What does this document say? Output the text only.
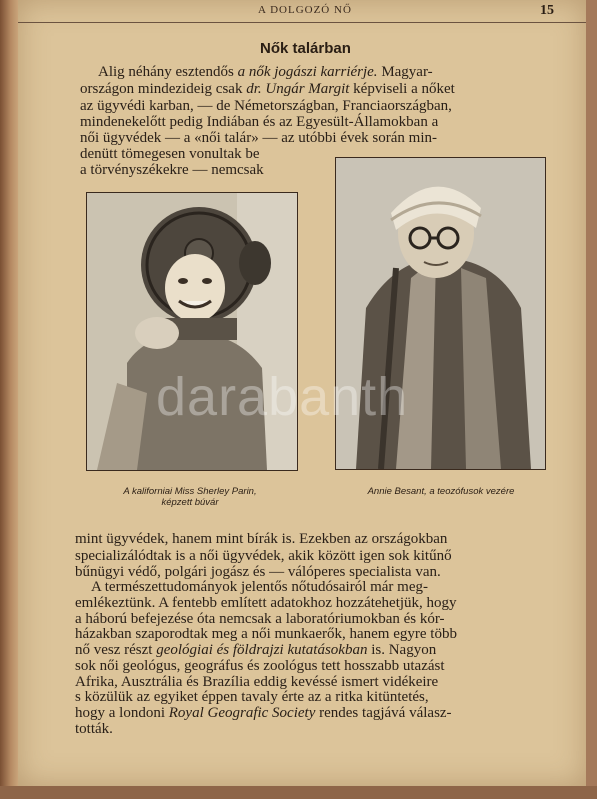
A DOLGOZÓ NŐ	15
Nők talárban
Alig néhány esztendős a nők jogászi karriérje. Magyar-
országon mindezideig csak dr. Ungár Margit képviseli a nőket
az ügyvédi karban, — de Németországban, Franciaországban,
mindenekelőtt pedig Indiában és az Egyesült-Államokban a
női ügyvédek — a «női talár» — az utóbbi évek során min-
denütt tömegesen vonultak be
a törvényszékekre — nemcsak
A kaliforniai Miss Sherley Parin,
képzett búvár
Annie Besant, a teozófusok vezére
mint ügyvédek, hanem mint bírák is. Ezekben az országokban
specializálódtak is a női ügyvédek, akik között igen sok kitűnő
bűnügyi védő, polgári jogász és — válóperes specialista van.
A természettudományok jelentős nőtudósairól már meg-
emlékeztünk. A fentebb említett adatokhoz hozzátehetjük, hogy
a háború befejezése óta nemcsak a laboratóriumokban és kór-
házakban szaporodtak meg a női munkaerők, hanem egyre több
nő vesz részt geológiai és földrajzi kutatásokban is. Nagyon
sok női geológus, geográfus és zoológus tett hosszabb utazást
Afrika, Ausztrália és Brazília eddig kevéssé ismert vidékeire
s közülük az egyiket éppen tavaly érte az a ritka kitüntetés,
hogy a londoni Royal Geografic Society rendes tagjává válasz-
tották.
darabanth
